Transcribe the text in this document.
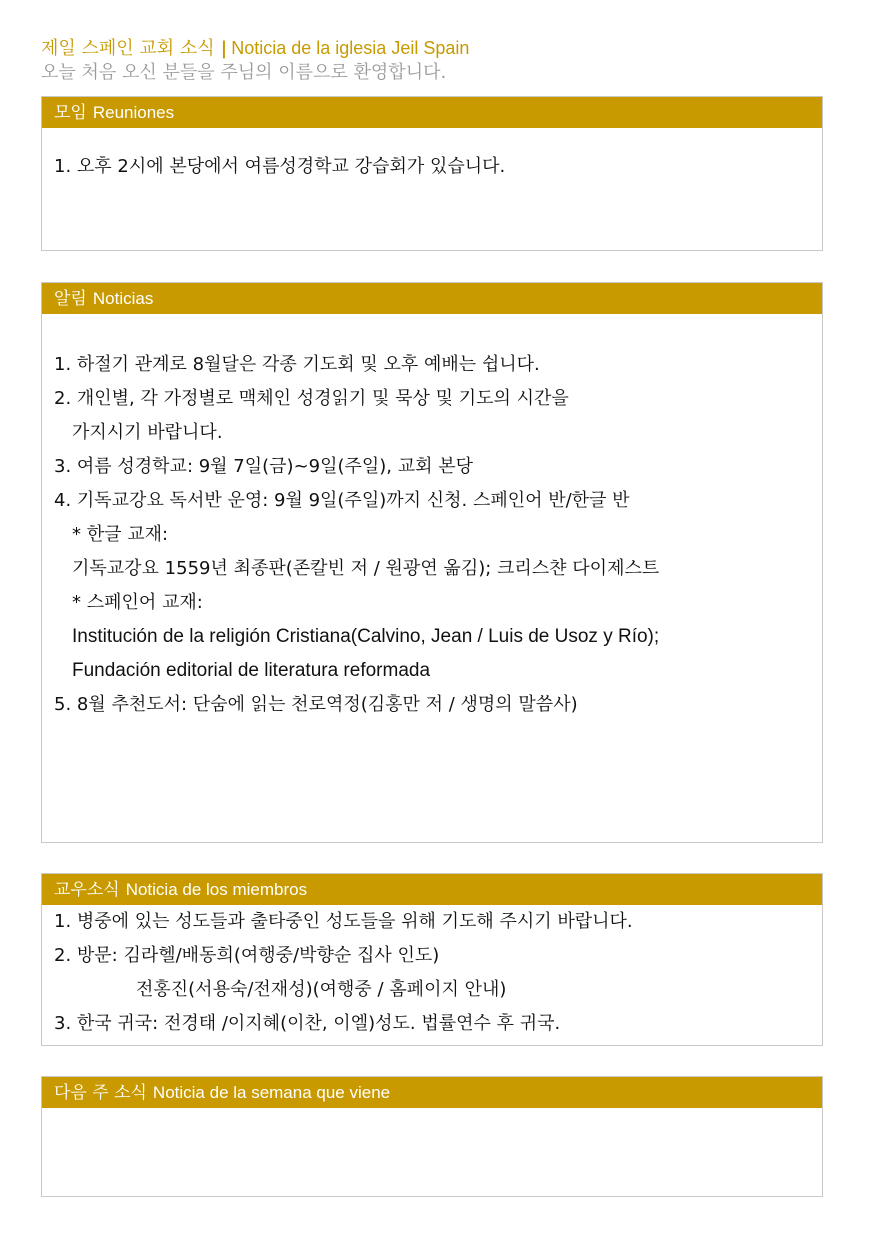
제일 스페인 교회 소식 | Noticia de la iglesia Jeil Spain
오늘 처음 오신 분들을 주님의 이름으로 환영합니다.
모임 Reuniones
1. 오후 2시에 본당에서 여름성경학교 강습회가 있습니다.
알림 Noticias
1. 하절기 관계로 8월달은 각종 기도회 및 오후 예배는 쉽니다.
2. 개인별, 각 가정별로 맥체인 성경읽기 및 묵상 및 기도의 시간을
가지시기 바랍니다.
3. 여름 성경학교: 9월 7일(금)~9일(주일), 교회 본당
4. 기독교강요 독서반 운영: 9월 9일(주일)까지 신청. 스페인어 반/한글 반
* 한글 교재:
기독교강요 1559년 최종판(존칼빈 저 / 원광연 옮김); 크리스챤 다이제스트
* 스페인어 교재:
Institución de la religión Cristiana(Calvino, Jean / Luis de Usoz y Río);
Fundación editorial de literatura reformada
5. 8월 추천도서: 단숨에 읽는 천로역정(김홍만 저 / 생명의 말씀사)
교우소식 Noticia de los miembros
1. 병중에 있는 성도들과 출타중인 성도들을 위해 기도해 주시기 바랍니다.
2. 방문: 김라헬/배동희(여행중/박향순 집사 인도)
전홍진(서용숙/전재성)(여행중 / 홈페이지 안내)
3. 한국 귀국: 전경태 /이지혜(이찬, 이엘)성도. 법률연수 후 귀국.
다음 주 소식 Noticia de la semana que viene
